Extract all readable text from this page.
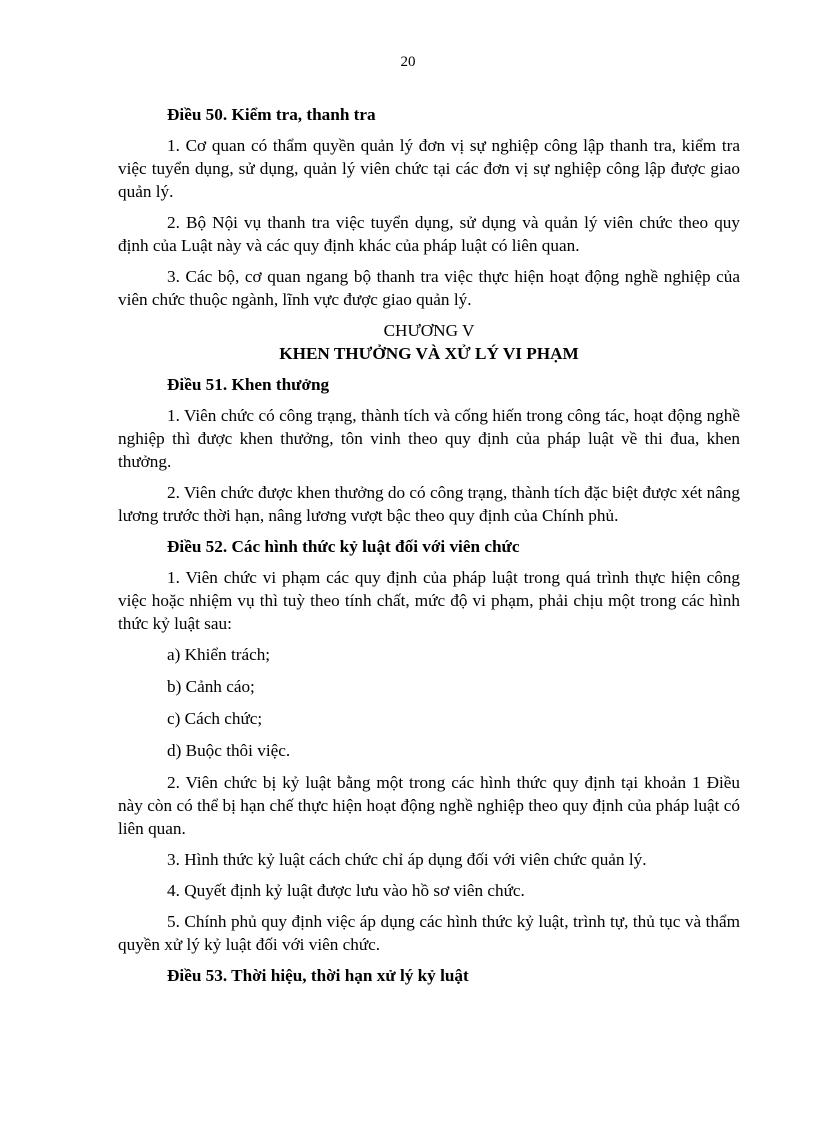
20

Điều 50. Kiểm tra, thanh tra

1. Cơ quan có thẩm quyền quản lý đơn vị sự nghiệp công lập thanh tra, kiểm tra việc tuyển dụng, sử dụng, quản lý viên chức tại các đơn vị sự nghiệp công lập được giao quản lý.

2. Bộ Nội vụ thanh tra việc tuyển dụng, sử dụng và quản lý viên chức theo quy định của Luật này và các quy định khác của pháp luật có liên quan.

3. Các bộ, cơ quan ngang bộ thanh tra việc thực hiện hoạt động nghề nghiệp của viên chức thuộc ngành, lĩnh vực được giao quản lý.

CHƯƠNG V

KHEN THƯỞNG VÀ XỬ LÝ VI PHẠM

Điều 51. Khen thưởng

1. Viên chức có công trạng, thành tích và cống hiến trong công tác, hoạt động nghề nghiệp thì được khen thưởng, tôn vinh theo quy định của pháp luật về thi đua, khen thưởng.

2. Viên chức được khen thưởng do có công trạng, thành tích đặc biệt được xét nâng lương trước thời hạn, nâng lương vượt bậc theo quy định của Chính phủ.

Điều 52. Các hình thức kỷ luật đối với viên chức

1. Viên chức vi phạm các quy định của pháp luật trong quá trình thực hiện công việc hoặc nhiệm vụ thì tuỳ theo tính chất, mức độ vi phạm, phải chịu một trong các hình thức kỷ luật sau:

a) Khiển trách;

b) Cảnh cáo;

c) Cách chức;

d) Buộc thôi việc.

2. Viên chức bị kỷ luật bằng một trong các hình thức quy định tại khoản 1 Điều này còn có thể bị hạn chế thực hiện hoạt động nghề nghiệp theo quy định của pháp luật có liên quan.

3. Hình thức kỷ luật cách chức chỉ áp dụng đối với viên chức quản lý.

4. Quyết định kỷ luật được lưu vào hồ sơ viên chức.

5. Chính phủ quy định việc áp dụng các hình thức kỷ luật, trình tự, thủ tục và thẩm quyền xử lý kỷ luật đối với viên chức.

Điều 53. Thời hiệu, thời hạn xử lý kỷ luật
